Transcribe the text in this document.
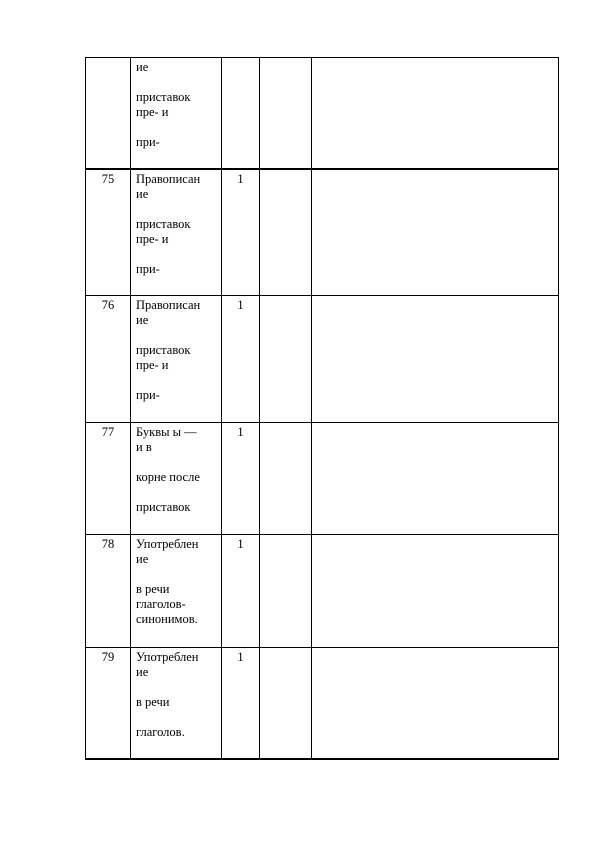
	ие
приставок
пре- и
при-			

75	Правописан
ие
приставок
пре- и
при-	1		

76	Правописан
ие
приставок
пре- и
при-	1		

77	Буквы ы —
и в
корне после
приставок	1		

78	Употреблен
ие
в речи
глаголов-
синонимов.	1		

79	Употреблен
ие
в речи
глаголов.	1		
